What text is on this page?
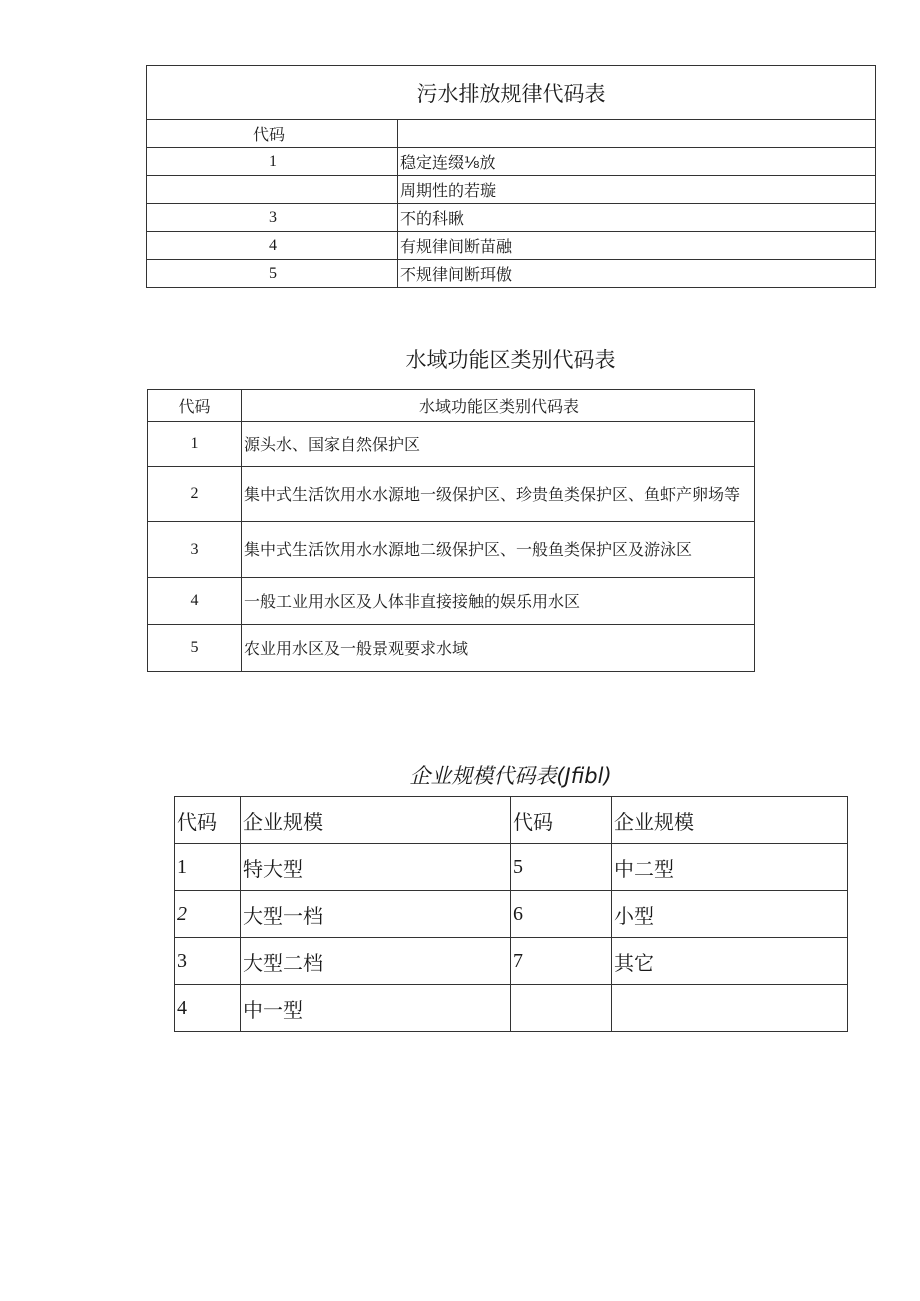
污水排放规律代码表	
代码	
1	稳定连缀⅛放
	周期性的若璇
3	不的科瞅
4	有规律间断苗融
5	不规律间断珥傲
水域功能区类别代码表
代码	水域功能区类别代码表
1	源头水、国家自然保护区
2	集中式生活饮用水水源地一级保护区、珍贵鱼类保护区、鱼虾产卵场等
3	集中式生活饮用水水源地二级保护区、一般鱼类保护区及游泳区
4	一般工业用水区及人体非直接接触的娱乐用水区
5	农业用水区及一般景观要求水域
企业规模代码表(Jfibl)
代码	企业规模	代码	企业规模
1	特大型	5	中二型
2	大型一档	6	小型
3	大型二档	7	其它
4	中一型		
